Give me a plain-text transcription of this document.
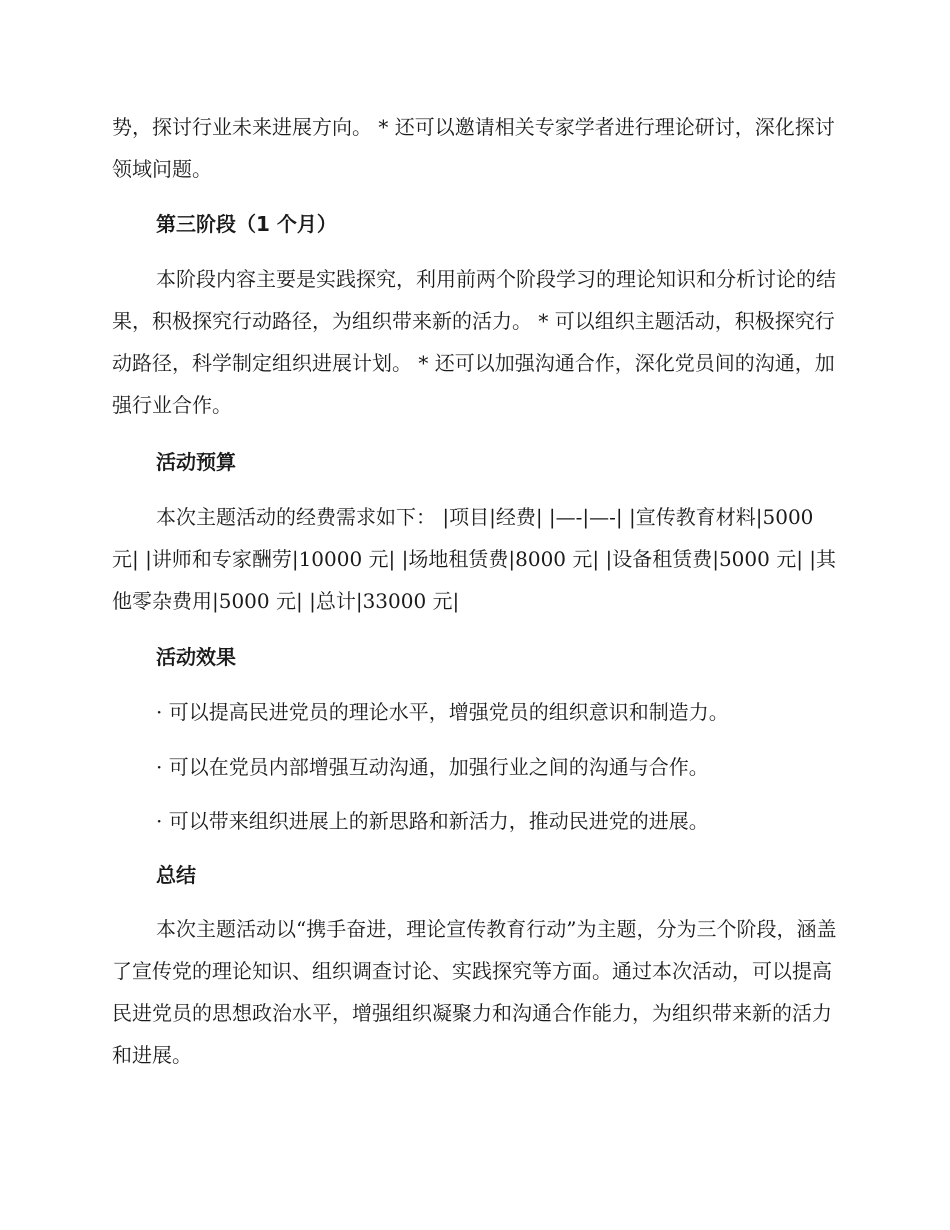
势，探讨行业未来进展方向。 * 还可以邀请相关专家学者进行理论研讨，深化探讨领域问题。

第三阶段（1 个月）

本阶段内容主要是实践探究，利用前两个阶段学习的理论知识和分析讨论的结果，积极探究行动路径，为组织带来新的活力。 * 可以组织主题活动，积极探究行动路径，科学制定组织进展计划。 * 还可以加强沟通合作，深化党员间的沟通，加强行业合作。

活动预算

本次主题活动的经费需求如下： |项目|经费| |—-|—-| |宣传教育材料|5000 元| |讲师和专家酬劳|10000 元| |场地租赁费|8000 元| |设备租赁费|5000 元| |其他零杂费用|5000 元| |总计|33000 元|

活动效果

· 可以提高民进党员的理论水平，增强党员的组织意识和制造力。

· 可以在党员内部增强互动沟通，加强行业之间的沟通与合作。

· 可以带来组织进展上的新思路和新活力，推动民进党的进展。

总结

本次主题活动以“携手奋进，理论宣传教育行动”为主题，分为三个阶段，涵盖了宣传党的理论知识、组织调查讨论、实践探究等方面。通过本次活动，可以提高民进党员的思想政治水平，增强组织凝聚力和沟通合作能力，为组织带来新的活力和进展。
